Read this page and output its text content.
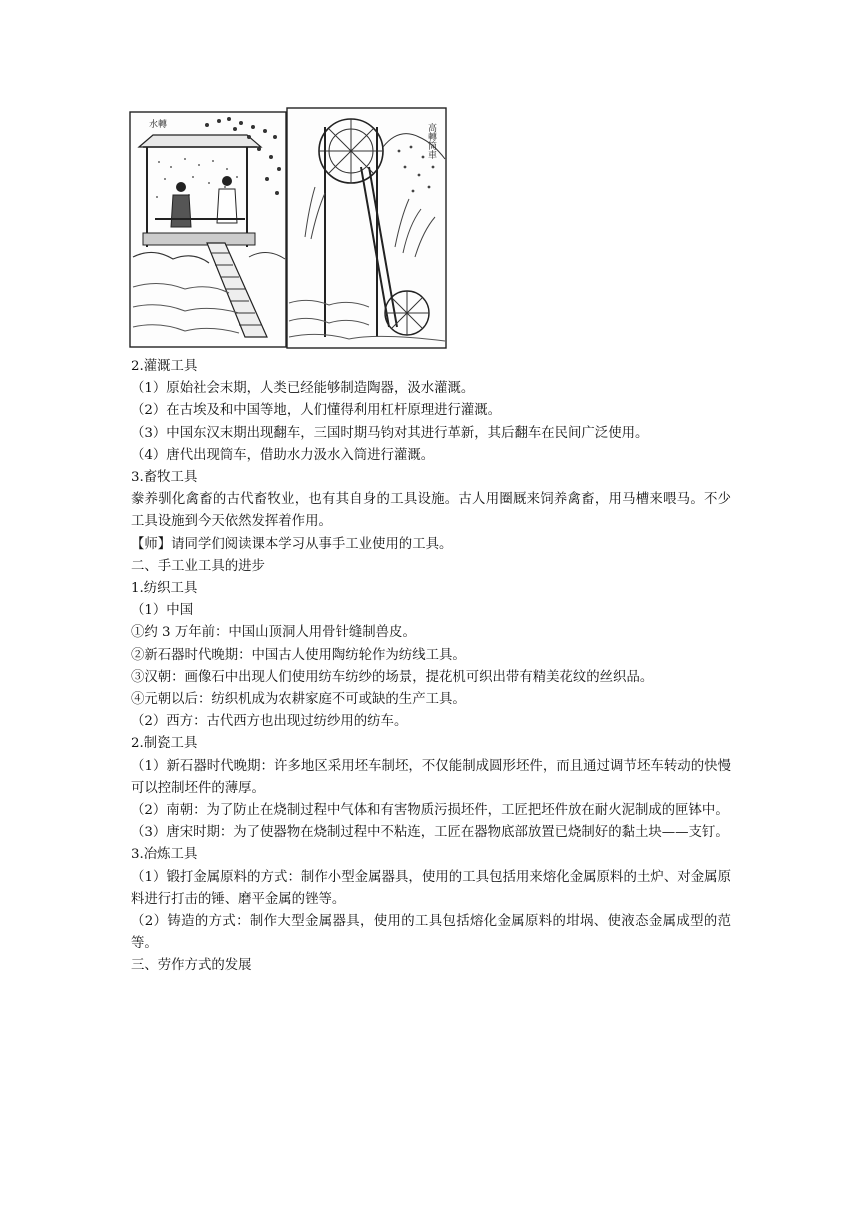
水轉	高轉筒車

2.灌溉工具

（1）原始社会末期，人类已经能够制造陶器，汲水灌溉。

（2）在古埃及和中国等地，人们懂得利用杠杆原理进行灌溉。

（3）中国东汉末期出现翻车，三国时期马钧对其进行革新，其后翻车在民间广泛使用。

（4）唐代出现筒车，借助水力汲水入筒进行灌溉。

3.畜牧工具

豢养驯化禽畜的古代畜牧业，也有其自身的工具设施。古人用圈厩来饲养禽畜，用马槽来喂马。不少工具设施到今天依然发挥着作用。

【师】请同学们阅读课本学习从事手工业使用的工具。

二、手工业工具的进步

1.纺织工具

（1）中国

①约 3 万年前：中国山顶洞人用骨针缝制兽皮。

②新石器时代晚期：中国古人使用陶纺轮作为纺线工具。

③汉朝：画像石中出现人们使用纺车纺纱的场景，提花机可织出带有精美花纹的丝织品。

④元朝以后：纺织机成为农耕家庭不可或缺的生产工具。

（2）西方：古代西方也出现过纺纱用的纺车。

2.制瓷工具

（1）新石器时代晚期：许多地区采用坯车制坯，不仅能制成圆形坯件，而且通过调节坯车转动的快慢可以控制坯件的薄厚。

（2）南朝：为了防止在烧制过程中气体和有害物质污损坯件，工匠把坯件放在耐火泥制成的匣钵中。

（3）唐宋时期：为了使器物在烧制过程中不粘连，工匠在器物底部放置已烧制好的黏土块——支钉。

3.冶炼工具

（1）锻打金属原料的方式：制作小型金属器具，使用的工具包括用来熔化金属原料的土炉、对金属原料进行打击的锤、磨平金属的锉等。

（2）铸造的方式：制作大型金属器具，使用的工具包括熔化金属原料的坩埚、使液态金属成型的范等。

三、劳作方式的发展
